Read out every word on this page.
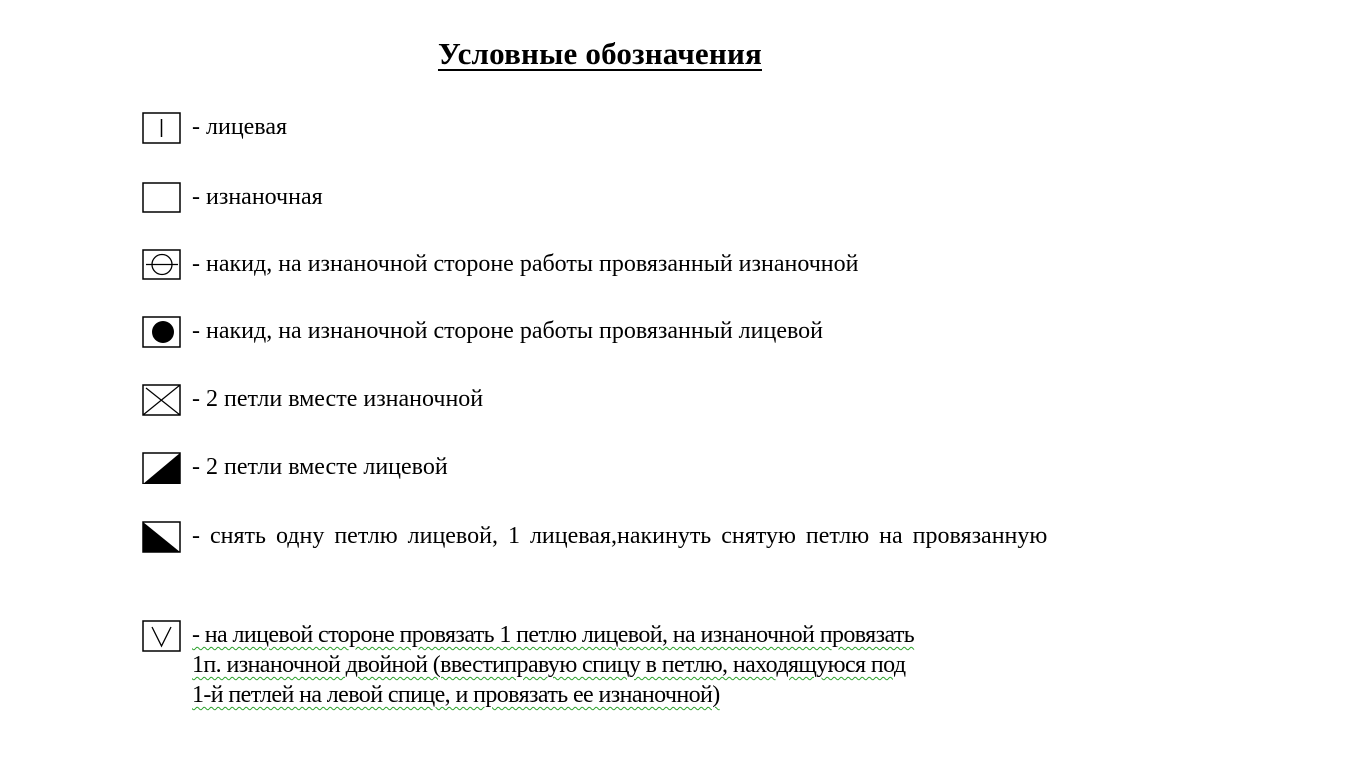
Условные обозначения
- лицевая
- изнаночная
- накид, на изнаночной стороне работы провязанный изнаночной
- накид, на изнаночной стороне работы провязанный лицевой
- 2 петли вместе изнаночной
- 2 петли вместе лицевой
- снять одну петлю лицевой, 1 лицевая,накинуть снятую петлю на провязанную
- на лицевой стороне провязать 1 петлю лицевой, на изнаночной провязать
1п. изнаночной двойной (ввестиправую спицу в петлю, находящуюся под
1-й петлей на левой спице, и провязать ее изнаночной)
